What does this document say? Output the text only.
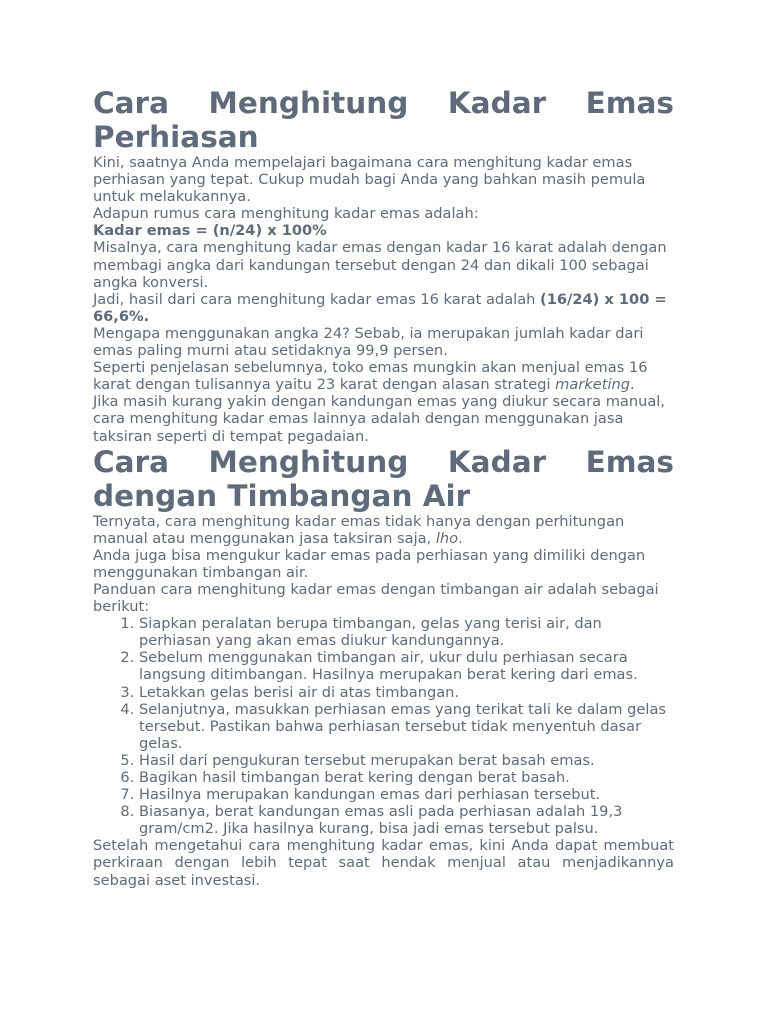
Cara Menghitung Kadar Emas
Perhiasan

Kini, saatnya Anda mempelajari bagaimana cara menghitung kadar emas perhiasan yang tepat. Cukup mudah bagi Anda yang bahkan masih pemula untuk melakukannya.

Adapun rumus cara menghitung kadar emas adalah:

Kadar emas = (n/24) x 100%

Misalnya, cara menghitung kadar emas dengan kadar 16 karat adalah dengan membagi angka dari kandungan tersebut dengan 24 dan dikali 100 sebagai angka konversi.

Jadi, hasil dari cara menghitung kadar emas 16 karat adalah (16/24) x 100 = 66,6%.

Mengapa menggunakan angka 24? Sebab, ia merupakan jumlah kadar dari emas paling murni atau setidaknya 99,9 persen.

Seperti penjelasan sebelumnya, toko emas mungkin akan menjual emas 16 karat dengan tulisannya yaitu 23 karat dengan alasan strategi marketing.

Jika masih kurang yakin dengan kandungan emas yang diukur secara manual, cara menghitung kadar emas lainnya adalah dengan menggunakan jasa taksiran seperti di tempat pegadaian.

Cara Menghitung Kadar Emas
dengan Timbangan Air

Ternyata, cara menghitung kadar emas tidak hanya dengan perhitungan manual atau menggunakan jasa taksiran saja, lho.

Anda juga bisa mengukur kadar emas pada perhiasan yang dimiliki dengan menggunakan timbangan air.

Panduan cara menghitung kadar emas dengan timbangan air adalah sebagai berikut:

1. Siapkan peralatan berupa timbangan, gelas yang terisi air, dan perhiasan yang akan emas diukur kandungannya.
2. Sebelum menggunakan timbangan air, ukur dulu perhiasan secara langsung ditimbangan. Hasilnya merupakan berat kering dari emas.
3. Letakkan gelas berisi air di atas timbangan.
4. Selanjutnya, masukkan perhiasan emas yang terikat tali ke dalam gelas tersebut. Pastikan bahwa perhiasan tersebut tidak menyentuh dasar gelas.
5. Hasil dari pengukuran tersebut merupakan berat basah emas.
6. Bagikan hasil timbangan berat kering dengan berat basah.
7. Hasilnya merupakan kandungan emas dari perhiasan tersebut.
8. Biasanya, berat kandungan emas asli pada perhiasan adalah 19,3 gram/cm2. Jika hasilnya kurang, bisa jadi emas tersebut palsu.

Setelah mengetahui cara menghitung kadar emas, kini Anda dapat membuat perkiraan dengan lebih tepat saat hendak menjual atau menjadikannya sebagai aset investasi.
